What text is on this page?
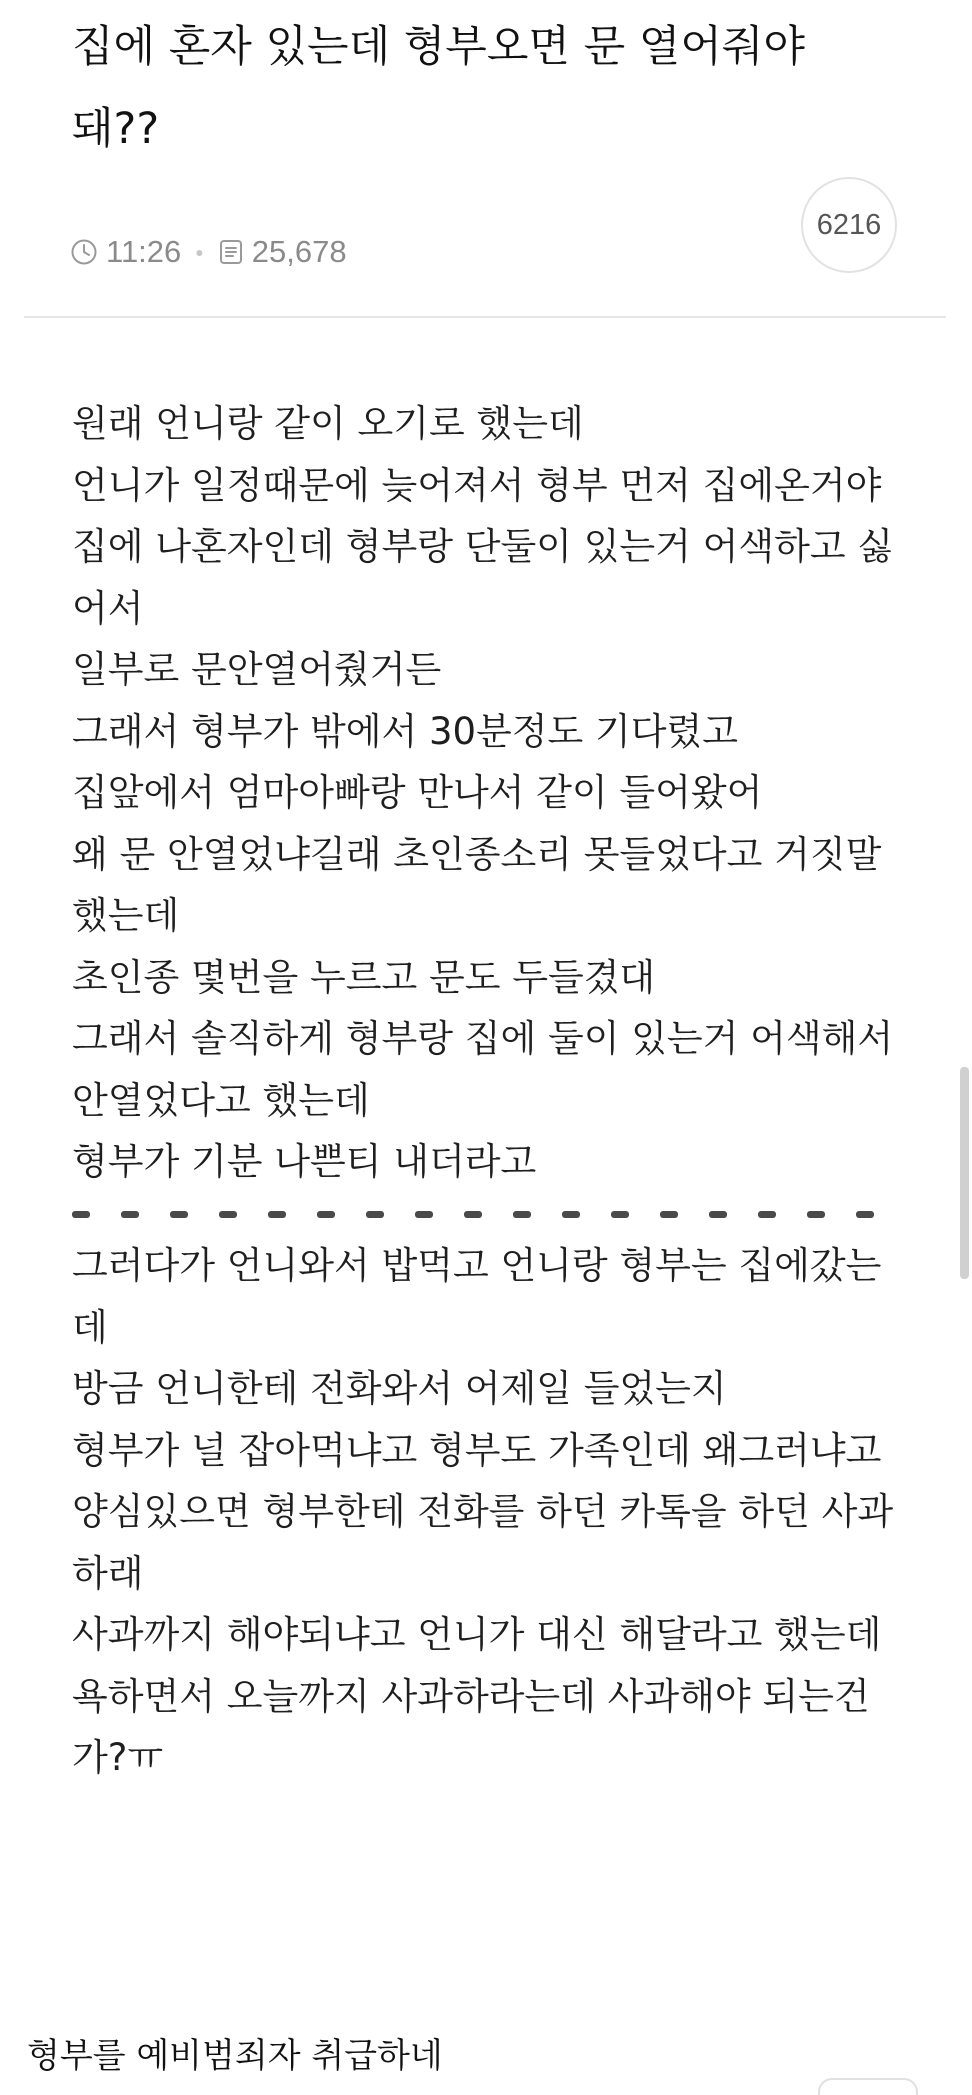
집에 혼자 있는데 형부오면 문 열어줘야
돼??
11:26 ● 25,678
6216
원래 언니랑 같이 오기로 했는데
언니가 일정때문에 늦어져서 형부 먼저 집에온거야
집에 나혼자인데 형부랑 단둘이 있는거 어색하고 싫
어서
일부로 문안열어줬거든
그래서 형부가 밖에서 30분정도 기다렸고
집앞에서 엄마아빠랑 만나서 같이 들어왔어
왜 문 안열었냐길래 초인종소리 못들었다고 거짓말
했는데
초인종 몇번을 누르고 문도 두들겼대
그래서 솔직하게 형부랑 집에 둘이 있는거 어색해서
안열었다고 했는데
형부가 기분 나쁜티 내더라고
그러다가 언니와서 밥먹고 언니랑 형부는 집에갔는
데
방금 언니한테 전화와서 어제일 들었는지
형부가 널 잡아먹냐고 형부도 가족인데 왜그러냐고
양심있으면 형부한테 전화를 하던 카톡을 하던 사과
하래
사과까지 해야되냐고 언니가 대신 해달라고 했는데
욕하면서 오늘까지 사과하라는데 사과해야 되는건
가?ㅠ
형부를 예비범죄자 취급하네
